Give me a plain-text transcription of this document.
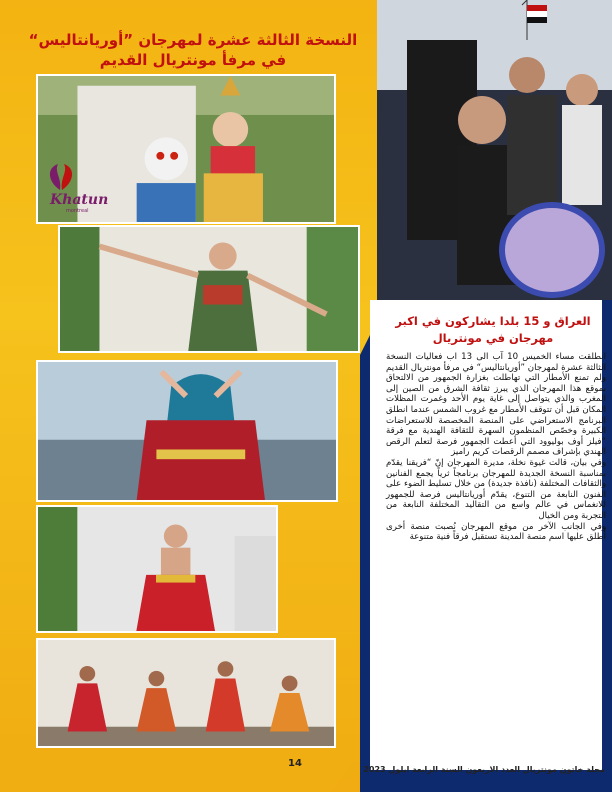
النسخة الثالثة عشرة لمهرجان ”أوريانتاليس“ في مرفأ مونتريال القديم
Khatun
montreal
العراق و 15 بلدا يشاركون في اكبر مهرجان في مونتريال

انطلقت مساء الخميس 10 آب الى 13 اب فعاليات النسخة الثالثة عشرة لمهرجان ”أوريانتاليس“ في مرفأ مونتريال القديم ولم تمنع الأمطار التي تهاطلت بغزارة الجمهور من الالتحاق بموقع هذا المهرجان الذي يبرز ثقافة الشرق من الصين إلى المغرب والذي يتواصل إلى غاية يوم الأحد وغمرت المظلات المكان قبل أن تتوقف الأمطار مع غروب الشمس عندما انطلق البرنامج الاستعراضي على المنصة المخصصة للاستعراضات الكبيرة وخصّص المنظمون السهرة للثقافة الهندية مع فرقة “فيلز أوف بوليوود التي أعطت الجمهور فرصة لتعلم الرقص الهندي بإشراف مصمم الرقصات كريم راميز

وفي بيان، قالت غيوة نخلة، مديرة المهرجان إنّ “فريقنا يقدّم بمناسبة النسخة الجديدة للمهرجان برنامجاً ثرياً يجمع الفنانين والثقافات المختلفة (نافذة جديدة) من خلال تسليط الضوء على الفنون النابعة من التنوع، يقدّم أوريانتاليس فرصة للجمهور للانغماس في عالم واسع من التقاليد المختلفة النابعة من التجربة ومن الخيال

وفي الجانب الآخر من موقع المهرجان نُصبت منصة أخرى أُطلق عليها اسم منصة المدينة تستقبل فرقاً فنية متنوعة

14
مجلة خاتون مونتريال العدد الاربعون السنة الرابعة ايلول 2023
